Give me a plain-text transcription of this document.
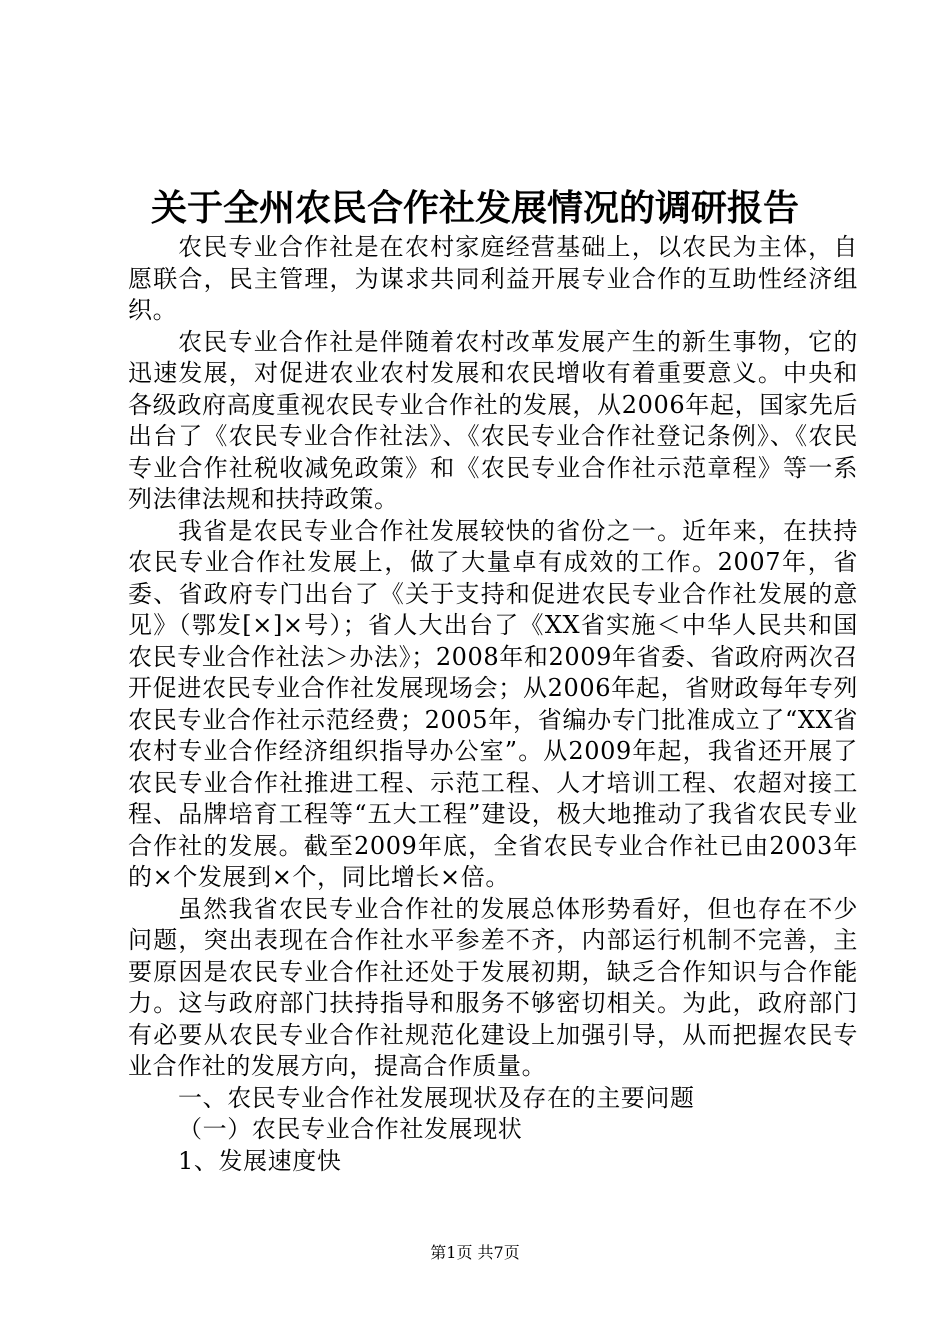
关于全州农民合作社发展情况的调研报告

农民专业合作社是在农村家庭经营基础上，以农民为主体，自愿联合，民主管理，为谋求共同利益开展专业合作的互助性经济组织。

农民专业合作社是伴随着农村改革发展产生的新生事物，它的迅速发展，对促进农业农村发展和农民增收有着重要意义。中央和各级政府高度重视农民专业合作社的发展，从2006年起，国家先后出台了《农民专业合作社法》、《农民专业合作社登记条例》、《农民专业合作社税收减免政策》和《农民专业合作社示范章程》等一系列法律法规和扶持政策。

我省是农民专业合作社发展较快的省份之一。近年来，在扶持农民专业合作社发展上，做了大量卓有成效的工作。2007年，省委、省政府专门出台了《关于支持和促进农民专业合作社发展的意见》（鄂发[×]×号）；省人大出台了《XX省实施＜中华人民共和国农民专业合作社法＞办法》；2008年和2009年省委、省政府两次召开促进农民专业合作社发展现场会；从2006年起，省财政每年专列农民专业合作社示范经费；2005年，省编办专门批准成立了“XX省农村专业合作经济组织指导办公室”。从2009年起，我省还开展了农民专业合作社推进工程、示范工程、人才培训工程、农超对接工程、品牌培育工程等“五大工程”建设，极大地推动了我省农民专业合作社的发展。截至2009年底，全省农民专业合作社已由2003年的×个发展到×个，同比增长×倍。

虽然我省农民专业合作社的发展总体形势看好，但也存在不少问题，突出表现在合作社水平参差不齐，内部运行机制不完善，主要原因是农民专业合作社还处于发展初期，缺乏合作知识与合作能力。这与政府部门扶持指导和服务不够密切相关。为此，政府部门有必要从农民专业合作社规范化建设上加强引导，从而把握农民专业合作社的发展方向，提高合作质量。

一、农民专业合作社发展现状及存在的主要问题

（一）农民专业合作社发展现状

1、发展速度快

第1页 共7页
